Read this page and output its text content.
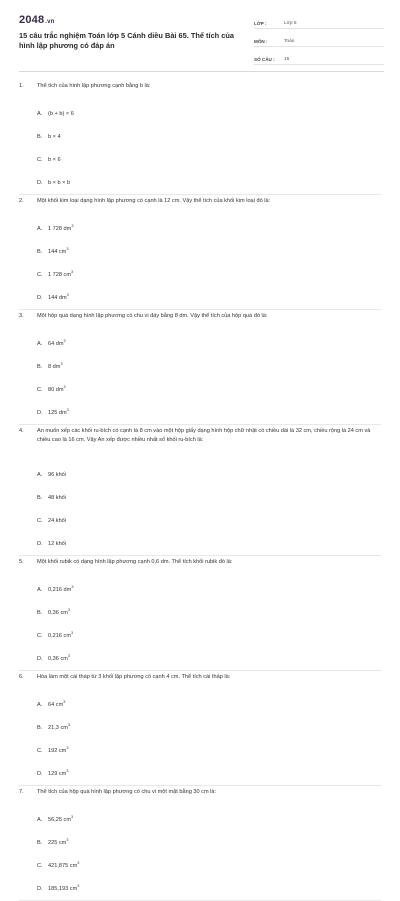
2048.vn
15 câu trắc nghiệm Toán lớp 5 Cánh diều Bài 65. Thể tích của hình lập phương có đáp án
LỚP :	Lớp 5
MÔN :	Toán
SỐ CÂU :	15
1.	Thể tích của hình lập phương cạnh bằng b là:
A.	(b + b) × 6
B.	b × 4
C. b × 6
D. b × b × b
2.	Một khối kim loại dạng hình lập phương có cạnh là 12 cm. Vậy thể tích của khối kim loại đó là:
A.	1 728 $dm^3$
B.	144 $cm^3$
C. 1 728 $cm^3$
D. 144 $dm^3$
3.	Một hộp quà dạng hình lập phương có chu vi đáy bằng 8 dm. Vậy thể tích của hộp quà đó là:
A.	64 $dm^3$
B.	8 $dm^3$
C. 80 $dm^3$
D. 125 $dm^3$
4.	An muốn xếp các khối ru-bích có cạnh là 8 cm vào một hộp giấy dạng hình hộp chữ nhật có chiều dài là 32 cm, chiều rộng là 24 cm và chiều cao là 16 cm. Vậy An xếp được nhiều nhất số khối ru-bích là:
A.	96 khối
B.	48 khối
C. 24 khối
D. 12 khối
5.	Một khối rubik có dạng hình lập phương cạnh 0,6 dm. Thể tích khối rubik đó là:
A.	0,216 $dm^3$
B.	0,36 $cm^3$
C. 0,216 $cm^3$
D. 0,36 $cm^3$
6.	Hòa làm một cái tháp từ 3 khối lập phương có cạnh 4 cm. Thể tích cái tháp là:
A.	64 $cm^3$
B.	21,3 $cm^3$
C. 192 $cm^3$
D. 129 $cm^3$
7.	Thể tích của hộp quà hình lập phương có chu vi một mặt bằng 30 cm là:
A.	56,25 $cm^3$
B.	225 $cm^3$
C. 421,875 $cm^3$
D. 185,193 $cm^3$
